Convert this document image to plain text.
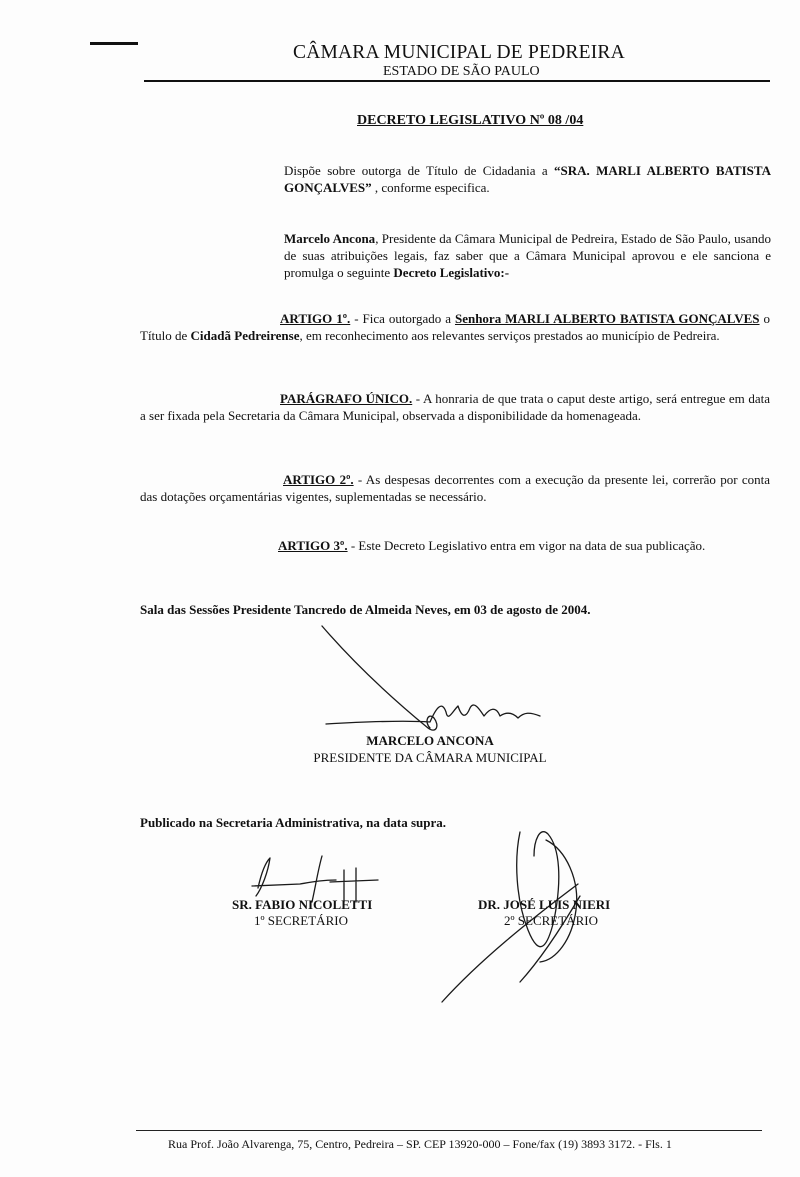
CÂMARA MUNICIPAL DE PEDREIRA
ESTADO DE SÃO PAULO
DECRETO LEGISLATIVO Nº 08 /04
Dispõe sobre outorga de Título de Cidadania a “SRA. MARLI ALBERTO BATISTA GONÇALVES” , conforme especifica.
Marcelo Ancona, Presidente da Câmara Municipal de Pedreira, Estado de São Paulo, usando de suas atribuições legais, faz saber que a Câmara Municipal aprovou e ele sanciona e promulga o seguinte Decreto Legislativo:-
ARTIGO 1º. - Fica outorgado a Senhora MARLI ALBERTO BATISTA GONÇALVES o Título de Cidadã Pedreirense, em reconhecimento aos relevantes serviços prestados ao município de Pedreira.
PARÁGRAFO ÚNICO. - A honraria de que trata o caput deste artigo, será entregue em data a ser fixada pela Secretaria da Câmara Municipal, observada a disponibilidade da homenageada.
ARTIGO 2º. - As despesas decorrentes com a execução da presente lei, correrão por conta das dotações orçamentárias vigentes, suplementadas se necessário.
ARTIGO 3º. - Este Decreto Legislativo entra em vigor na data de sua publicação.
Sala das Sessões Presidente Tancredo de Almeida Neves, em 03 de agosto de 2004.
MARCELO ANCONA
PRESIDENTE DA CÂMARA MUNICIPAL
Publicado na Secretaria Administrativa, na data supra.
SR. FABIO NICOLETTI
1º SECRETÁRIO
DR. JOSÉ LUIS NIERI
2º SECRETÁRIO
Rua Prof. João Alvarenga, 75, Centro, Pedreira – SP. CEP 13920-000 – Fone/fax (19) 3893 3172. - Fls. 1
